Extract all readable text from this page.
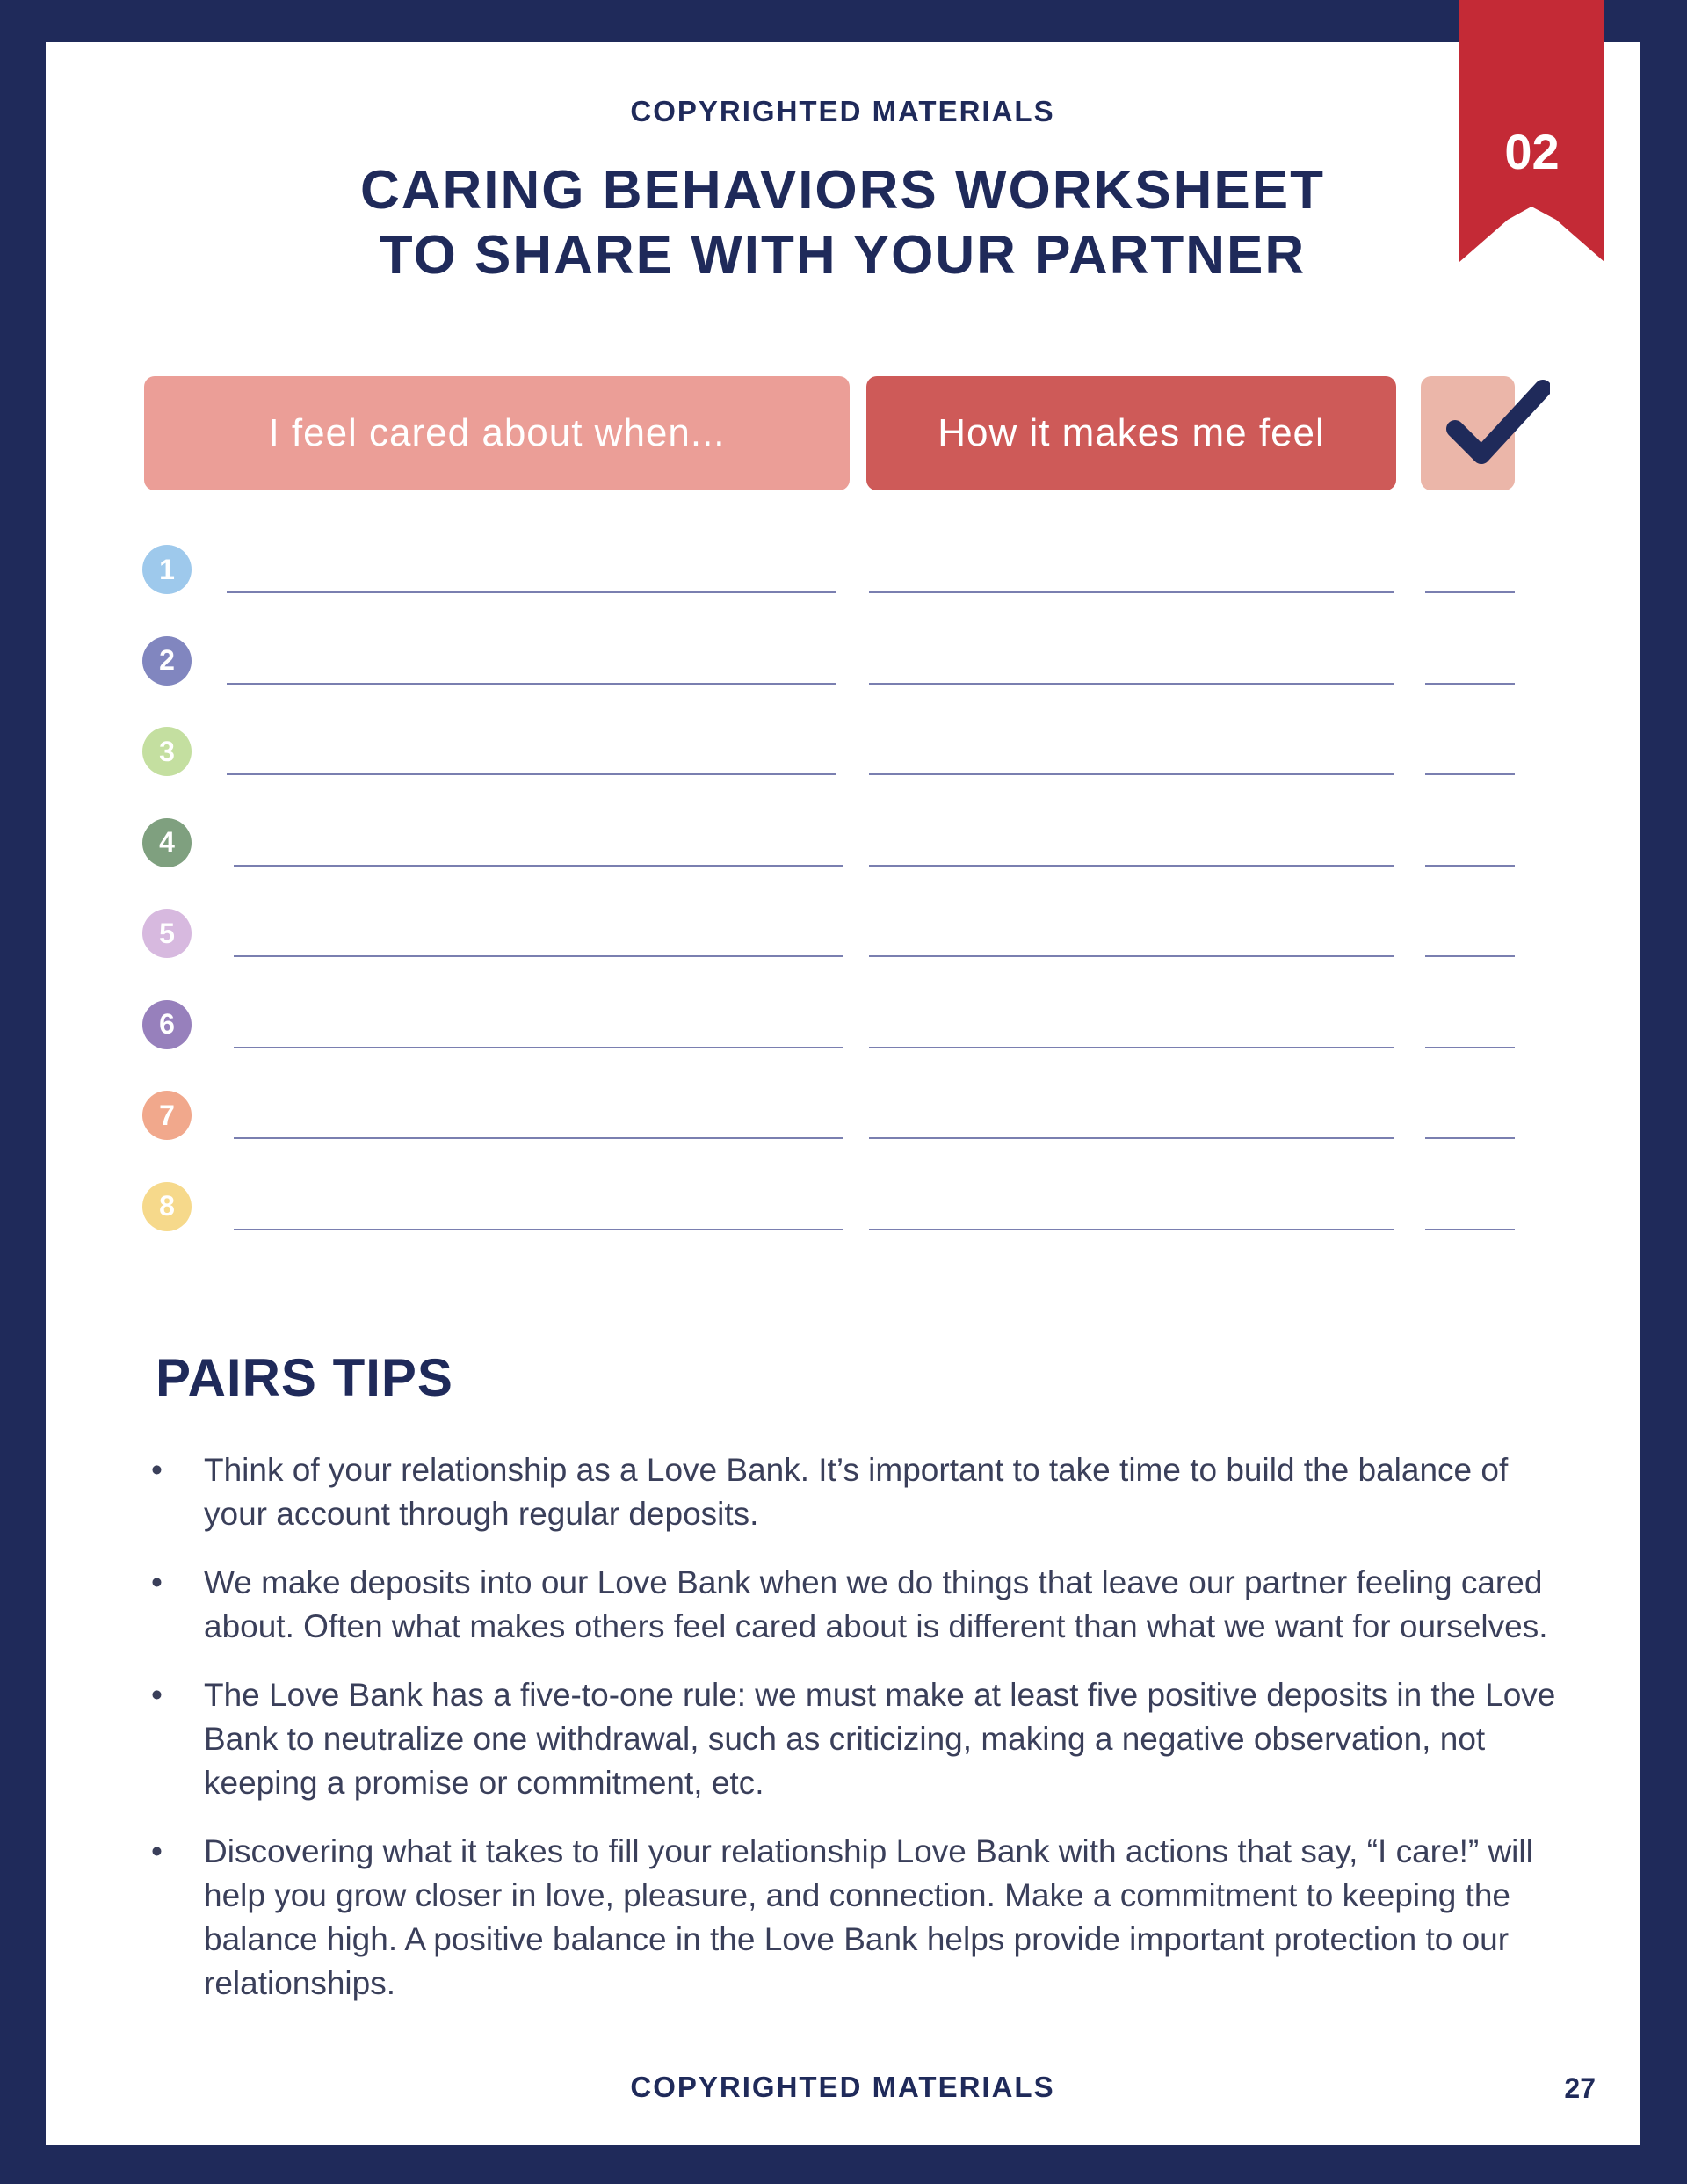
COPYRIGHTED MATERIALS
CARING BEHAVIORS WORKSHEET
TO SHARE WITH YOUR PARTNER
02
I feel cared about when...	How it makes me feel
1
2
3
4
5
6
7
8
PAIRS TIPS
• Think of your relationship as a Love Bank. It’s important to take time to build the balance of your account through regular deposits.
• We make deposits into our Love Bank when we do things that leave our partner feeling cared about. Often what makes others feel cared about is different than what we want for ourselves.
• The Love Bank has a five-to-one rule: we must make at least five positive deposits in the Love Bank to neutralize one withdrawal, such as criticizing, making a negative observation, not keeping a promise or commitment, etc.
• Discovering what it takes to fill your relationship Love Bank with actions that say, “I care!” will help you grow closer in love, pleasure, and connection. Make a commitment to keeping the balance high. A positive balance in the Love Bank helps provide important protection to our relationships.
COPYRIGHTED MATERIALS	27
